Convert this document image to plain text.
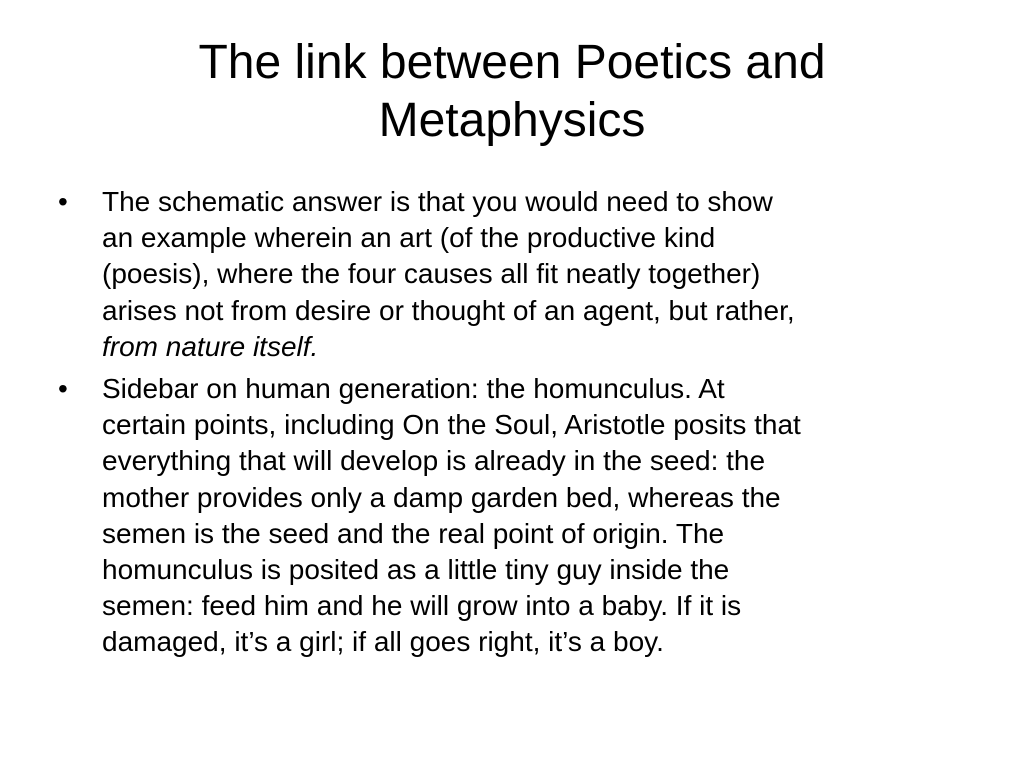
The link between Poetics and
Metaphysics
• The schematic answer is that you would need to show
an example wherein an art (of the productive kind
(poesis), where the four causes all fit neatly together)
arises not from desire or thought of an agent, but rather,
from nature itself.
• Sidebar on human generation: the homunculus. At
certain points, including On the Soul, Aristotle posits that
everything that will develop is already in the seed: the
mother provides only a damp garden bed, whereas the
semen is the seed and the real point of origin. The
homunculus is posited as a little tiny guy inside the
semen: feed him and he will grow into a baby. If it is
damaged, it’s a girl; if all goes right, it’s a boy.
